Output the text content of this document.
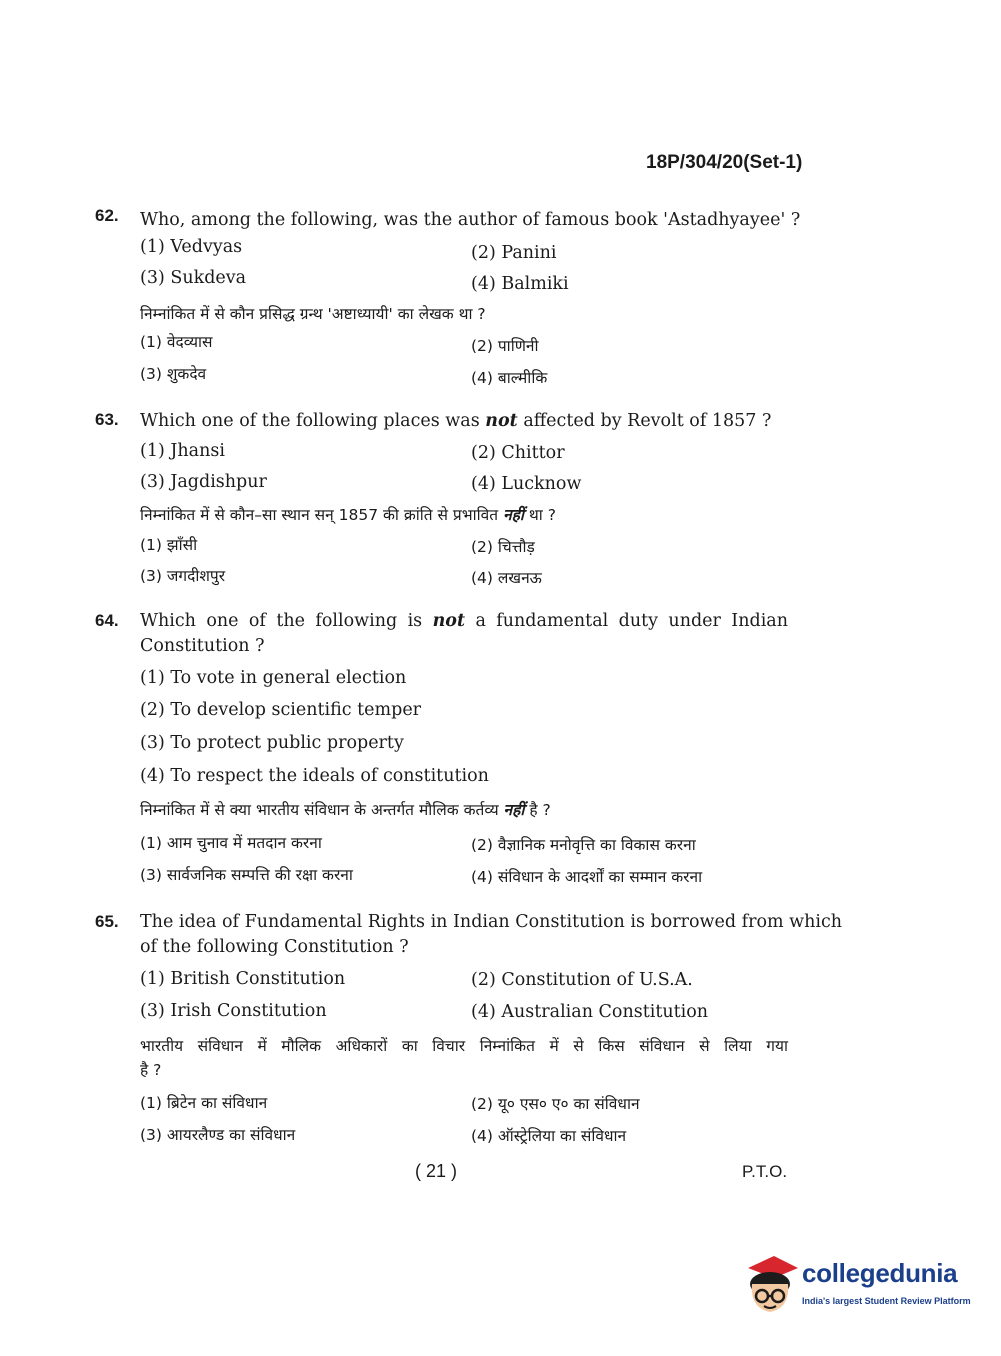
18P/304/20(Set-1)
62. Who, among the following, was the author of famous book 'Astadhyayee' ?
(1) Vedvyas	(2) Panini
(3) Sukdeva	(4) Balmiki
निम्नांकित में से कौन प्रसिद्ध ग्रन्थ 'अष्टाध्यायी' का लेखक था ?
(1) वेदव्यास	(2) पाणिनी
(3) शुकदेव	(4) बाल्मीकि
63. Which one of the following places was not affected by Revolt of 1857 ?
(1) Jhansi	(2) Chittor
(3) Jagdishpur	(4) Lucknow
निम्नांकित में से कौन–सा स्थान सन् 1857 की क्रांति से प्रभावित नहीं था ?
(1) झाँसी	(2) चित्तौड़
(3) जगदीशपुर	(4) लखनऊ
64. Which one of the following is not a fundamental duty under Indian
Constitution ?
(1) To vote in general election
(2) To develop scientific temper
(3) To protect public property
(4) To respect the ideals of constitution
निम्नांकित में से क्या भारतीय संविधान के अन्तर्गत मौलिक कर्तव्य नहीं है ?
(1) आम चुनाव में मतदान करना	(2) वैज्ञानिक मनोवृत्ति का विकास करना
(3) सार्वजनिक सम्पत्ति की रक्षा करना	(4) संविधान के आदर्शों का सम्मान करना
65. The idea of Fundamental Rights in Indian Constitution is borrowed from which
of the following Constitution ?
(1) British Constitution	(2) Constitution of U.S.A.
(3) Irish Constitution	(4) Australian Constitution
भारतीय संविधान में मौलिक अधिकारों का विचार निम्नांकित में से किस संविधान से लिया गया
है ?
(1) ब्रिटेन का संविधान	(2) यू० एस० ए० का संविधान
(3) आयरलैण्ड का संविधान	(4) ऑस्ट्रेलिया का संविधान
( 21 )	P.T.O.
collegedunia
India's largest Student Review Platform
